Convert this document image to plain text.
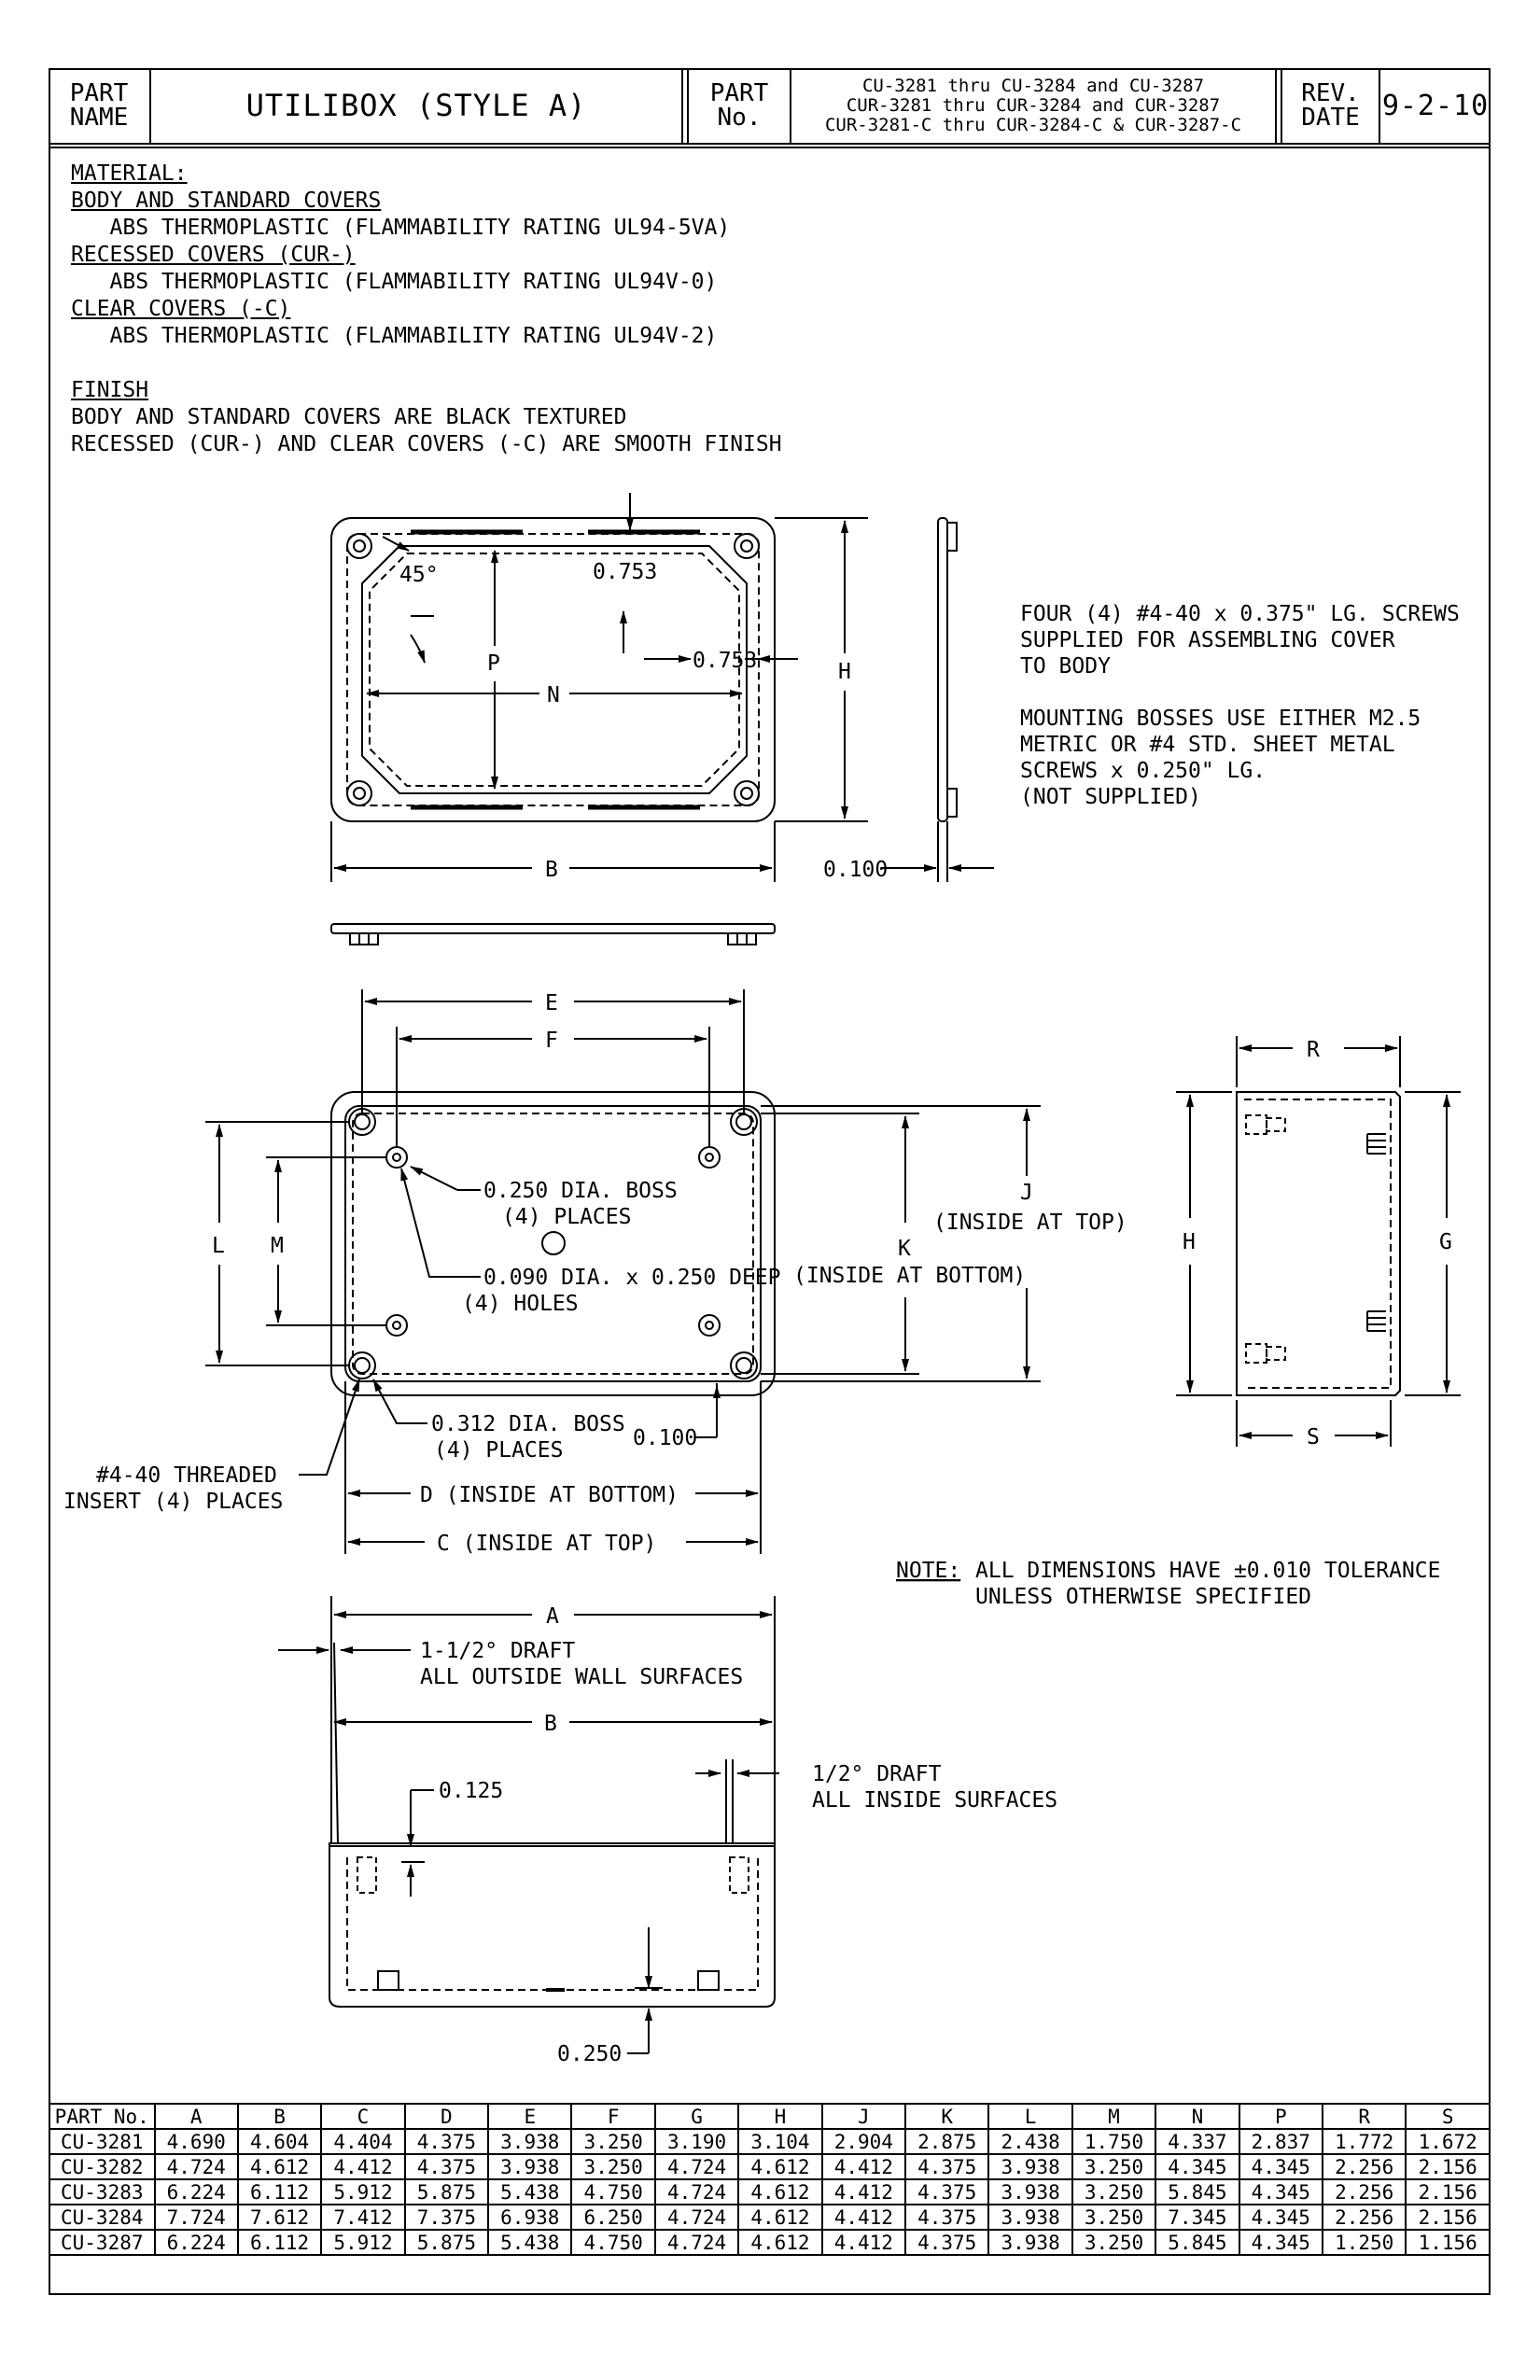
PART
NAME	UTILIBOX (STYLE A)	PART
No.
CU-3281 thru CU-3284 and CU-3287
CUR-3281 thru CUR-3284 and CUR-3287
CUR-3281-C thru CUR-3284-C & CUR-3287-C
REV.
DATE 9-2-10
MATERIAL:
BODY AND STANDARD COVERS
ABS THERMOPLASTIC (FLAMMABILITY RATING UL94-5VA)
RECESSED COVERS (CUR-)
ABS THERMOPLASTIC (FLAMMABILITY RATING UL94V-0)
CLEAR COVERS (-C)
ABS THERMOPLASTIC (FLAMMABILITY RATING UL94V-2)
FINISH
BODY AND STANDARD COVERS ARE BLACK TEXTURED
RECESSED (CUR-) AND CLEAR COVERS (-C) ARE SMOOTH FINISH
45°	0.753
0.753
P
N
H
B	0.100
FOUR (4) #4-40 x 0.375" LG. SCREWS
SUPPLIED FOR ASSEMBLING COVER
TO BODY
MOUNTING BOSSES USE EITHER M2.5
METRIC OR #4 STD. SHEET METAL
SCREWS x 0.250" LG.
(NOT SUPPLIED)
E
F
L M
0.250 DIA. BOSS
(4) PLACES
0.090 DIA. x 0.250 DEEP
(4) HOLES
J
(INSIDE AT TOP)
K
(INSIDE AT BOTTOM)
0.312 DIA. BOSS
(4) PLACES	0.100
#4-40 THREADED
INSERT (4) PLACES	D (INSIDE AT BOTTOM)
C (INSIDE AT TOP)
R
H	G
S
NOTE: ALL DIMENSIONS HAVE ±0.010 TOLERANCE
UNLESS OTHERWISE SPECIFIED
A
1-1/2° DRAFT
ALL OUTSIDE WALL SURFACES
B
0.125
1/2° DRAFT
ALL INSIDE SURFACES
0.250
PART No.	A	B	C	D	E	F	G	H	J	K	L	M	N	P	R	S
CU-3281	4.690	4.604	4.404	4.375	3.938	3.250	3.190	3.104	2.904	2.875	2.438	1.750	4.337	2.837	1.772	1.672
CU-3282	4.724	4.612	4.412	4.375	3.938	3.250	4.724	4.612	4.412	4.375	3.938	3.250	4.345	4.345	2.256	2.156
CU-3283	6.224	6.112	5.912	5.875	5.438	4.750	4.724	4.612	4.412	4.375	3.938	3.250	5.845	4.345	2.256	2.156
CU-3284	7.724	7.612	7.412	7.375	6.938	6.250	4.724	4.612	4.412	4.375	3.938	3.250	7.345	4.345	2.256	2.156
CU-3287	6.224	6.112	5.912	5.875	5.438	4.750	4.724	4.612	4.412	4.375	3.938	3.250	5.845	4.345	1.250	1.156
